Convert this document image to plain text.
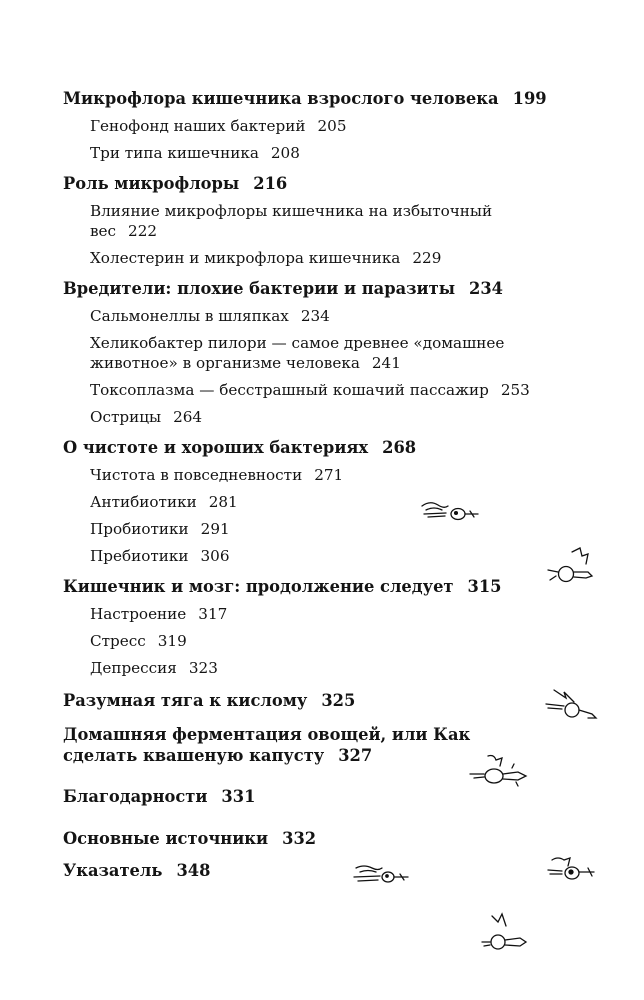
Микрофлора кишечника взрослого человека 199
Генофонд наших бактерий 205
Три типа кишечника 208
Роль микрофлоры 216
Влияние микрофлоры кишечника на избыточный вес 222
Холестерин и микрофлора кишечника 229
Вредители: плохие бактерии и паразиты 234
Сальмонеллы в шляпках 234
Хеликобактер пилори — самое древнее «домашнее животное» в организме человека 241
Токсоплазма — бесстрашный кошачий пассажир 253
Острицы 264
О чистоте и хороших бактериях 268
Чистота в повседневности 271
Антибиотики 281
Пробиотики 291
Пребиотики 306
Кишечник и мозг: продолжение следует 315
Настроение 317
Стресс 319
Депрессия 323
Разумная тяга к кислому 325
Домашняя ферментация овощей, или Как сделать квашеную капусту 327
Благодарности 331
Основные источники 332
Указатель 348
